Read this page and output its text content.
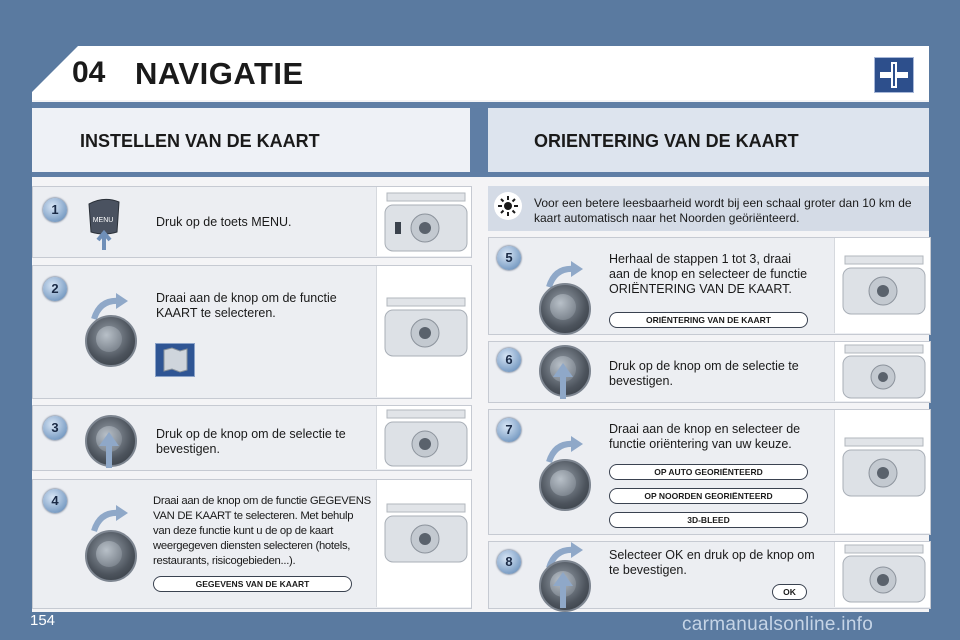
04 NAVIGATIE
INSTELLEN VAN DE KAART	ORIENTERING VAN DE KAART
1
MENU	Druk op de toets MENU.
2
Draai aan de knop om de functie KAART te selecteren.
3	Druk op de knop om de selectie te bevestigen.
4	Draai aan de knop om de functie GEGEVENS VAN DE KAART te selecteren. Met behulp van deze functie kunt u de op de kaart weergegeven diensten selecteren (hotels, restaurants, risicogebieden...).
GEGEVENS VAN DE KAART
Voor een betere leesbaarheid wordt bij een schaal groter dan 10 km de kaart automatisch naar het Noorden geöriënteerd.
5	Herhaal de stappen 1 tot 3, draai aan de knop en selecteer de functie ORIËNTERING VAN DE KAART.
ORIËNTERING VAN DE KAART
6	Druk op de knop om de selectie te bevestigen.
7	Draai aan de knop en selecteer de functie oriëntering van uw keuze.
OP AUTO GEORIËNTEERD
OP NOORDEN GEORIËNTEERD
3D-BLEED
8	Selecteer OK en druk op de knop om te bevestigen.
OK
154	carmanualsonline.info
